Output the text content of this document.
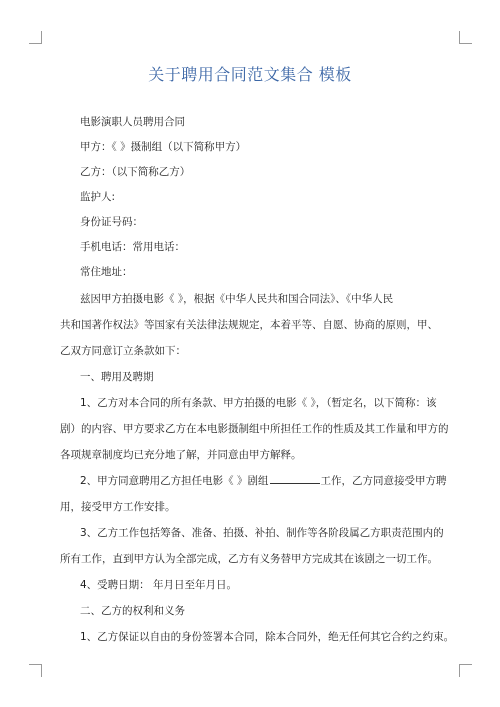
关于聘用合同范文集合 模板
电影演职人员聘用合同
甲方：《 》摄制组（以下简称甲方）
乙方：（以下简称乙方）
监护人:
身份证号码：
手机电话：常用电话：
常住地址：
兹因甲方拍摄电影《 》，根据《中华人民共和国合同法》、《中华人民
共和国著作权法》等国家有关法律法规规定，本着平等、自愿、协商的原则，甲、
乙双方同意订立条款如下：
一、聘用及聘期
1、乙方对本合同的所有条款、甲方拍摄的电影《 》，（暂定名，以下简称：该
剧）的内容、甲方要求乙方在本电影摄制组中所担任工作的性质及其工作量和甲方的
各项规章制度均已充分地了解，并同意由甲方解释。
2、甲方同意聘用乙方担任电影《 》剧组	工作，乙方同意接受甲方聘
用，接受甲方工作安排。
3、乙方工作包括筹备、准备、拍摄、补拍、制作等各阶段属乙方职责范围内的
所有工作，直到甲方认为全部完成，乙方有义务替甲方完成其在该剧之一切工作。
4、受聘日期： 年月日至年月日。
二、乙方的权利和义务
1、乙方保证以自由的身份签署本合同，除本合同外，绝无任何其它合约之约束。
